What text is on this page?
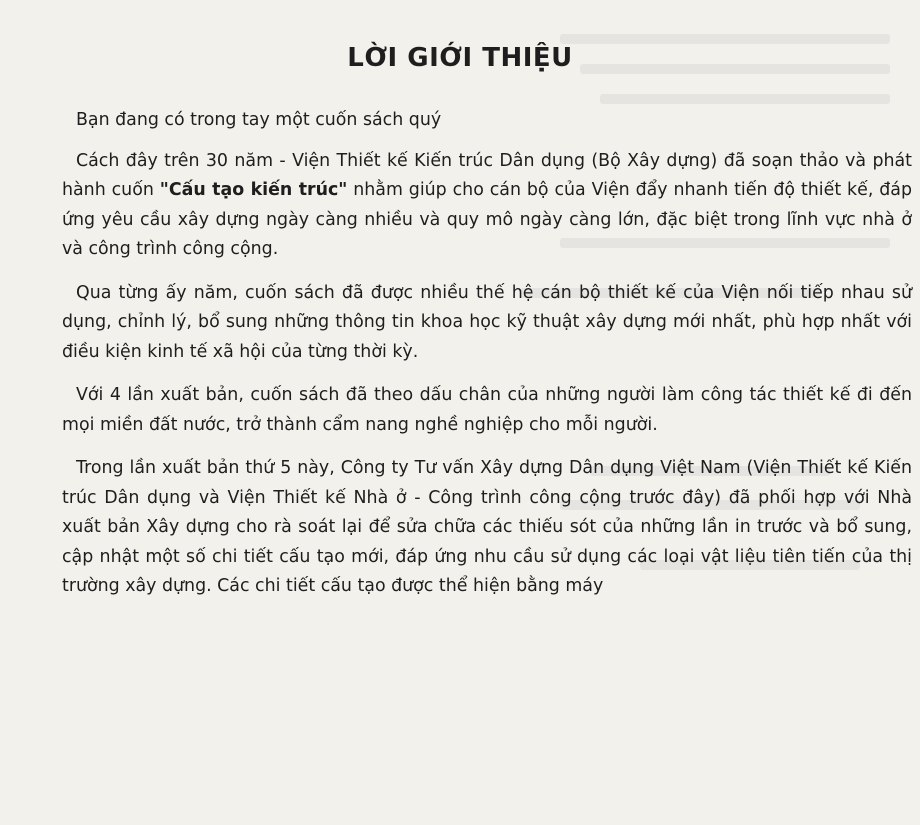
LỜI GIỚI THIỆU

Bạn đang có trong tay một cuốn sách quý

Cách đây trên 30 năm - Viện Thiết kế Kiến trúc Dân dụng (Bộ Xây dựng) đã soạn thảo và phát hành cuốn "Cấu tạo kiến trúc" nhằm giúp cho cán bộ của Viện đẩy nhanh tiến độ thiết kế, đáp ứng yêu cầu xây dựng ngày càng nhiều và quy mô ngày càng lớn, đặc biệt trong lĩnh vực nhà ở và công trình công cộng.

Qua từng ấy năm, cuốn sách đã được nhiều thế hệ cán bộ thiết kế của Viện nối tiếp nhau sử dụng, chỉnh lý, bổ sung những thông tin khoa học kỹ thuật xây dựng mới nhất, phù hợp nhất với điều kiện kinh tế xã hội của từng thời kỳ.

Với 4 lần xuất bản, cuốn sách đã theo dấu chân của những người làm công tác thiết kế đi đến mọi miền đất nước, trở thành cẩm nang nghề nghiệp cho mỗi người.

Trong lần xuất bản thứ 5 này, Công ty Tư vấn Xây dựng Dân dụng Việt Nam (Viện Thiết kế Kiến trúc Dân dụng và Viện Thiết kế Nhà ở - Công trình công cộng trước đây) đã phối hợp với Nhà xuất bản Xây dựng cho rà soát lại để sửa chữa các thiếu sót của những lần in trước và bổ sung, cập nhật một số chi tiết cấu tạo mới, đáp ứng nhu cầu sử dụng các loại vật liệu tiên tiến của thị trường xây dựng. Các chi tiết cấu tạo được thể hiện bằng máy
